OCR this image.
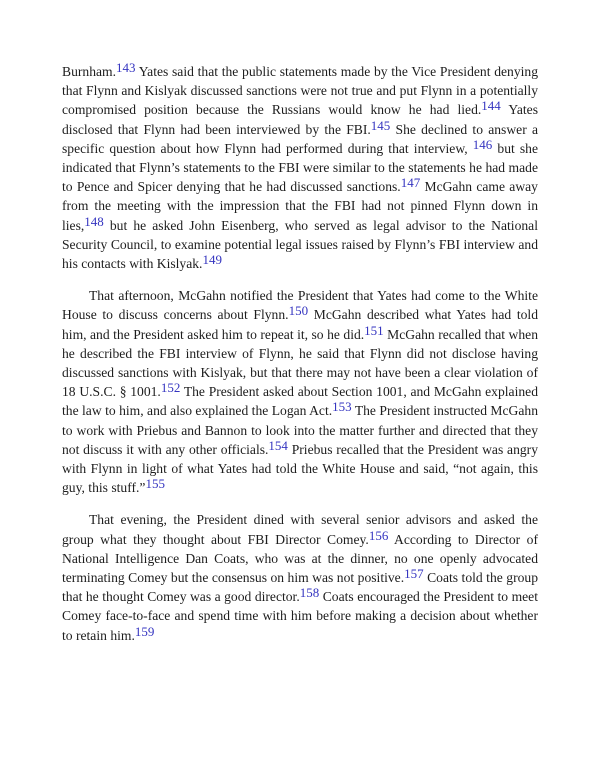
Burnham.$^{143}$ Yates said that the public statements made by the Vice President denying that Flynn and Kislyak discussed sanctions were not true and put Flynn in a potentially compromised position because the Russians would know he had lied.$^{144}$ Yates disclosed that Flynn had been interviewed by the FBI.$^{145}$ She declined to answer a specific question about how Flynn had performed during that interview, $^{146}$ but she indicated that Flynn’s statements to the FBI were similar to the statements he had made to Pence and Spicer denying that he had discussed sanctions.$^{147}$ McGahn came away from the meeting with the impression that the FBI had not pinned Flynn down in lies,$^{148}$ but he asked John Eisenberg, who served as legal advisor to the National Security Council, to examine potential legal issues raised by Flynn’s FBI interview and his contacts with Kislyak.$^{149}$

That afternoon, McGahn notified the President that Yates had come to the White House to discuss concerns about Flynn.$^{150}$ McGahn described what Yates had told him, and the President asked him to repeat it, so he did.$^{151}$ McGahn recalled that when he described the FBI interview of Flynn, he said that Flynn did not disclose having discussed sanctions with Kislyak, but that there may not have been a clear violation of 18 U.S.C. § 1001.$^{152}$ The President asked about Section 1001, and McGahn explained the law to him, and also explained the Logan Act.$^{153}$ The President instructed McGahn to work with Priebus and Bannon to look into the matter further and directed that they not discuss it with any other officials.$^{154}$ Priebus recalled that the President was angry with Flynn in light of what Yates had told the White House and said, “not again, this guy, this stuff.”$^{155}$

That evening, the President dined with several senior advisors and asked the group what they thought about FBI Director Comey.$^{156}$ According to Director of National Intelligence Dan Coats, who was at the dinner, no one openly advocated terminating Comey but the consensus on him was not positive.$^{157}$ Coats told the group that he thought Comey was a good director.$^{158}$ Coats encouraged the President to meet Comey face-to-face and spend time with him before making a decision about whether to retain him.$^{159}$
